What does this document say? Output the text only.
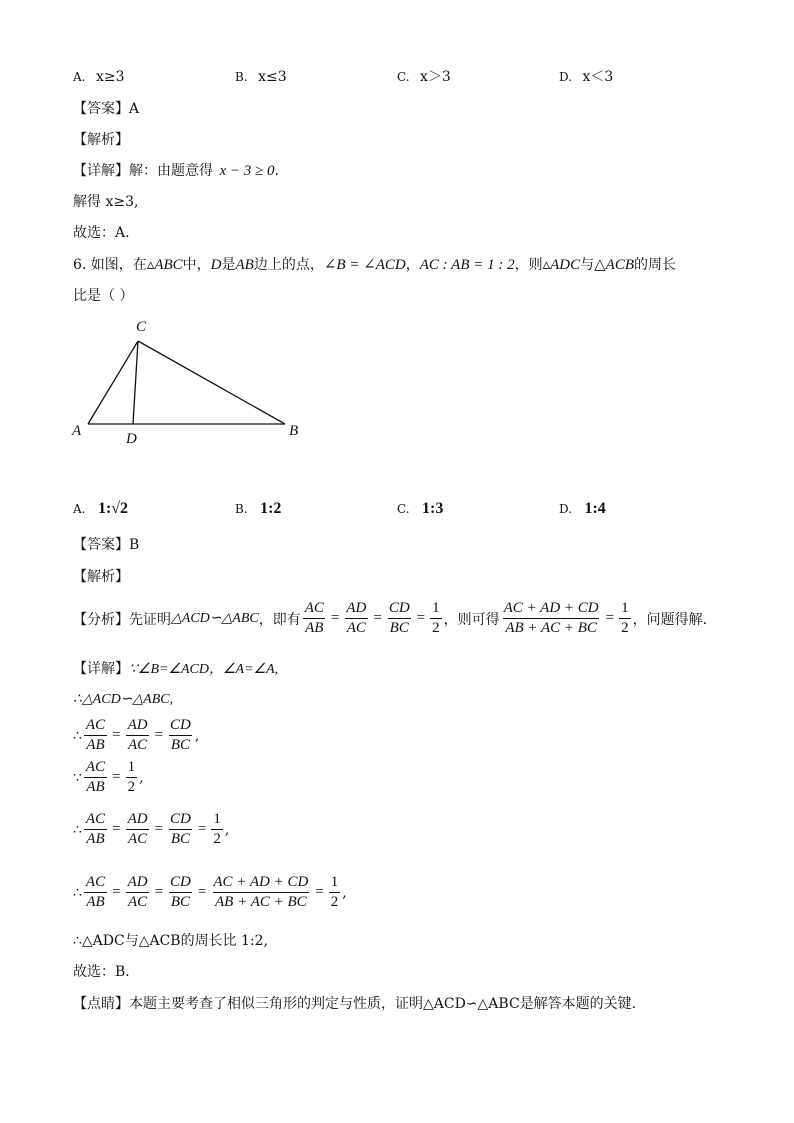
A. x≥3	B. x≤3	C. x＞3	D. x＜3
【答案】A
【解析】
【详解】解：由题意得 x − 3 ≥ 0.
解得 x≥3,
故选：A.
6. 如图，在▵ABC中，D是AB边上的点，∠B = ∠ACD，AC : AB = 1 : 2，则▵ADC与△ACB的周长
比是（ ）
C
A	D	B
A. 1:√2	B. 1:2	C. 1:3	D. 1:4
【答案】B
【解析】
【分析】 先证明 △ACD∽△ABC ，即有 $\frac{AC}{AB} = \frac{AD}{AC} = \frac{CD}{BC} = \frac{1}{2}$ ，则可得 $\frac{AC + AD + CD}{AB + AC + BC} = \frac{1}{2}$ ，问题得解．
【详解】∵∠B=∠ACD，∠A=∠A,
∴△ACD∽△ABC,
∴ $\frac{AC}{AB} = \frac{AD}{AC} = \frac{CD}{BC}$ ,
∵ $\frac{AC}{AB} = \frac{1}{2}$ ,
∴ $\frac{AC}{AB} = \frac{AD}{AC} = \frac{CD}{BC} = \frac{1}{2}$ ,
∴ $\frac{AC}{AB} = \frac{AD}{AC} = \frac{CD}{BC} = \frac{AC + AD + CD}{AB + AC + BC} = \frac{1}{2}$ ,
∴△ADC与△ACB的周长比 1:2,
故选：B．
【点睛】本题主要考查了相似三角形的判定与性质，证明△ACD∽△ABC是解答本题的关键．
